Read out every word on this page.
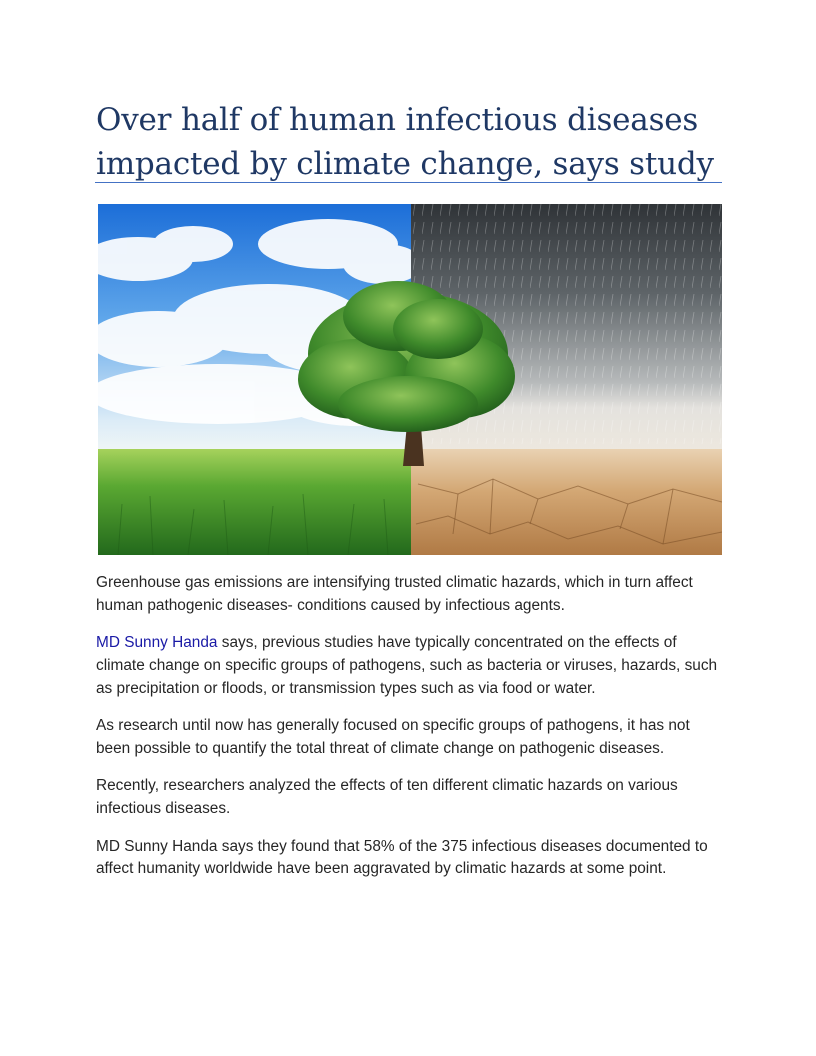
Over half of human infectious diseases impacted by climate change, says study

Greenhouse gas emissions are intensifying trusted climatic hazards, which in turn affect human pathogenic diseases- conditions caused by infectious agents.

MD Sunny Handa says, previous studies have typically concentrated on the effects of climate change on specific groups of pathogens, such as bacteria or viruses, hazards, such as precipitation or floods, or transmission types such as via food or water.

As research until now has generally focused on specific groups of pathogens, it has not been possible to quantify the total threat of climate change on pathogenic diseases.

Recently, researchers analyzed the effects of ten different climatic hazards on various infectious diseases.

MD Sunny Handa says they found that 58% of the 375 infectious diseases documented to affect humanity worldwide have been aggravated by climatic hazards at some point.
